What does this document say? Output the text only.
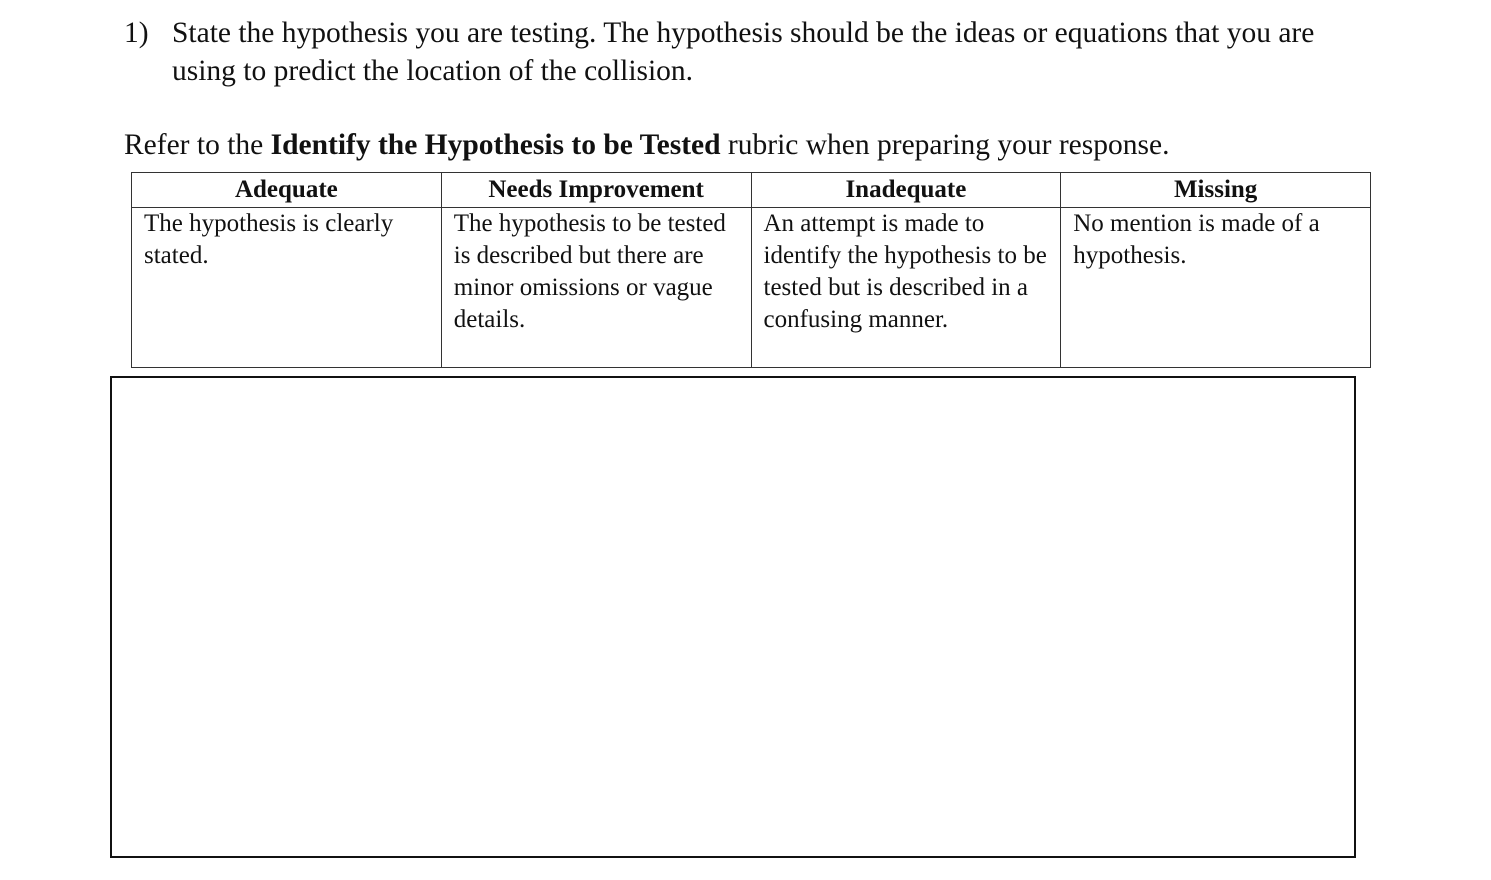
1) State the hypothesis you are testing. The hypothesis should be the ideas or equations that you are using to predict the location of the collision.
Refer to the Identify the Hypothesis to be Tested rubric when preparing your response.
Adequate	Needs Improvement	Inadequate	Missing
The hypothesis is clearly stated.	The hypothesis to be tested is described but there are minor omissions or vague details.	An attempt is made to identify the hypothesis to be tested but is described in a confusing manner.	No mention is made of a hypothesis.
